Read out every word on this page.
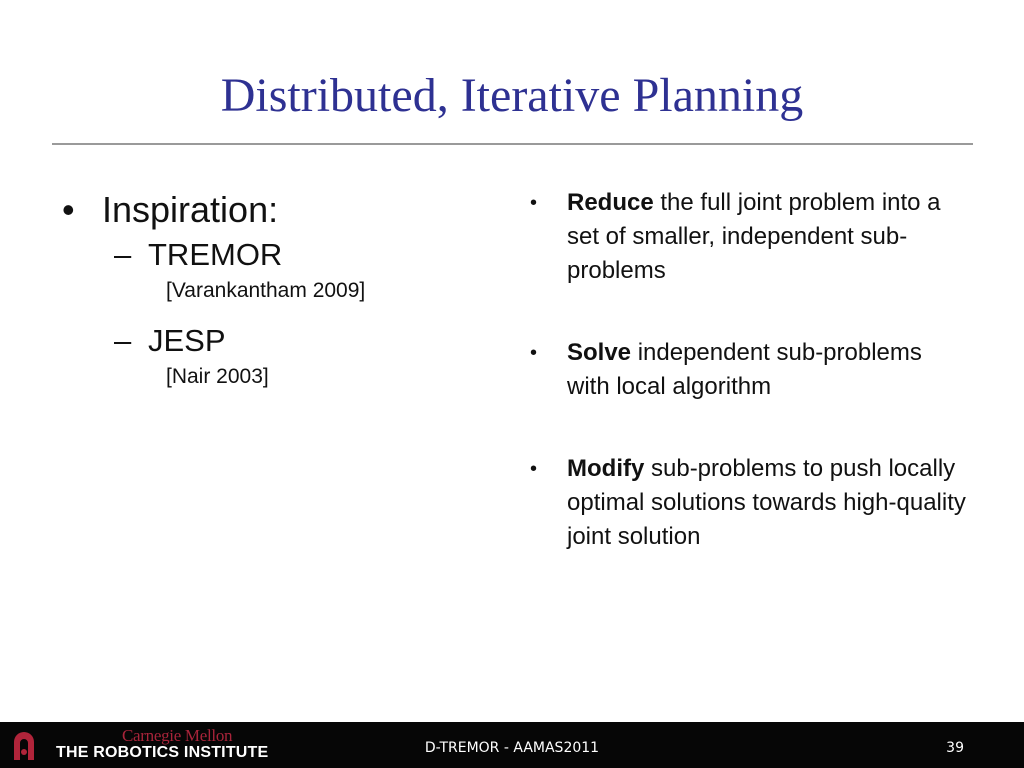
Distributed, Iterative Planning
• Inspiration:
– TREMOR
[Varankantham 2009]
– JESP
[Nair 2003]
• Reduce the full joint problem into a set of smaller, independent sub-problems
• Solve independent sub-problems with local algorithm
• Modify sub-problems to push locally optimal solutions towards high-quality joint solution
Carnegie Mellon
THE ROBOTICS INSTITUTE	D-TREMOR - AAMAS2011	39
